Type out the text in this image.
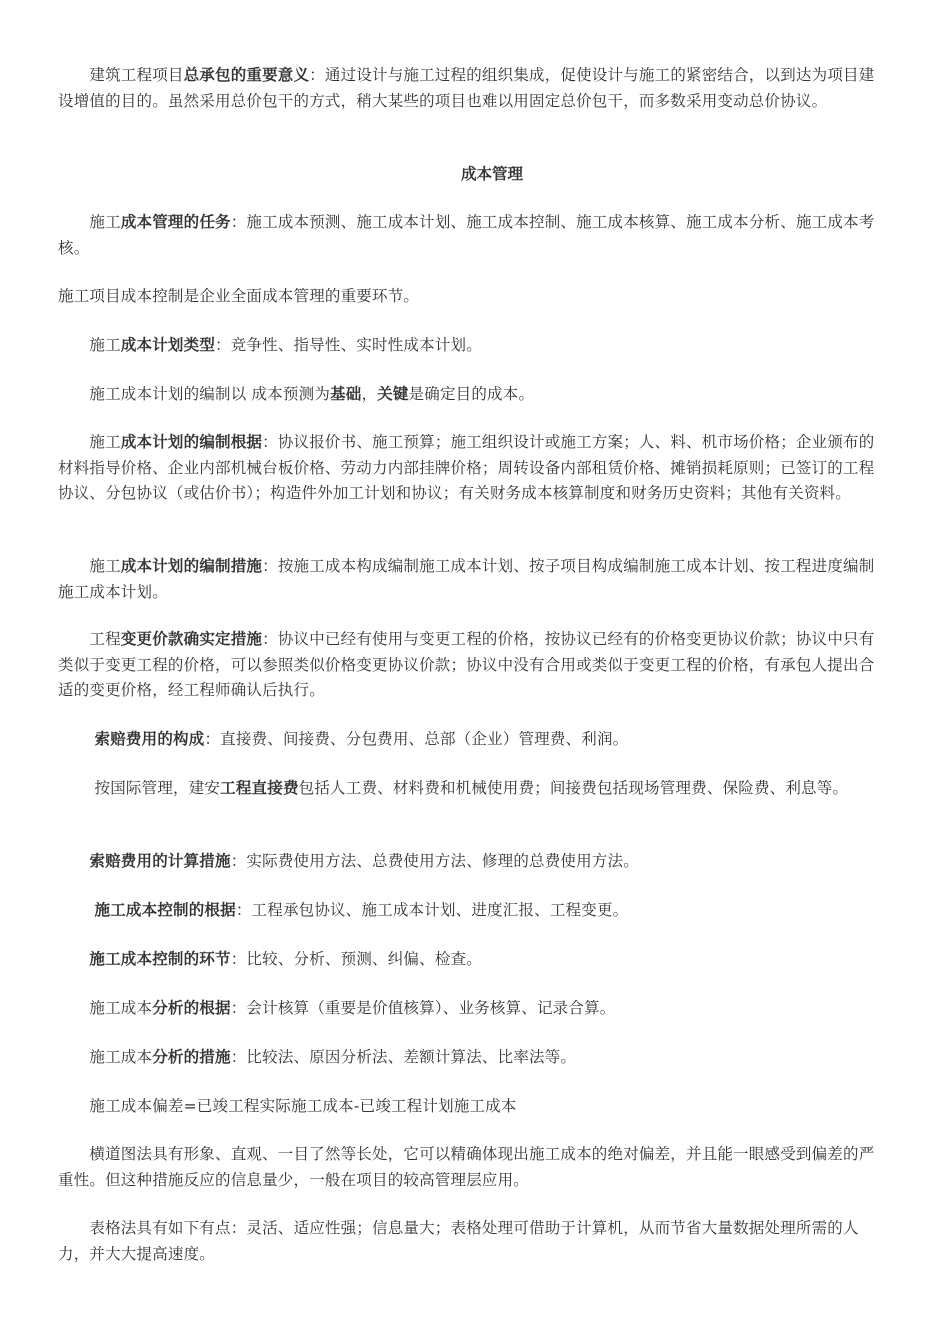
　　建筑工程项目总承包的重要意义：通过设计与施工过程的组织集成，促使设计与施工的紧密结合，以到达为项目建设增值的目的。虽然采用总价包干的方式，稍大某些的项目也难以用固定总价包干，而多数采用变动总价协议。

成本管理

　　施工成本管理的任务：施工成本预测、施工成本计划、施工成本控制、施工成本核算、施工成本分析、施工成本考核。

施工项目成本控制是企业全面成本管理的重要环节。

　　施工成本计划类型：竞争性、指导性、实时性成本计划。

　　施工成本计划的编制以 成本预测为基础，关键是确定目的成本。

　　施工成本计划的编制根据：协议报价书、施工预算；施工组织设计或施工方案；人、料、机市场价格；企业颁布的材料指导价格、企业内部机械台板价格、劳动力内部挂牌价格；周转设备内部租赁价格、摊销损耗原则；已签订的工程协议、分包协议（或估价书）；构造件外加工计划和协议；有关财务成本核算制度和财务历史资料；其他有关资料。

　　施工成本计划的编制措施：按施工成本构成编制施工成本计划、按子项目构成编制施工成本计划、按工程进度编制施工成本计划。

　　工程变更价款确实定措施：协议中已经有使用与变更工程的价格，按协议已经有的价格变更协议价款；协议中只有类似于变更工程的价格，可以参照类似价格变更协议价款；协议中没有合用或类似于变更工程的价格，有承包人提出合适的变更价格，经工程师确认后执行。

　　 索赔费用的构成：直接费、间接费、分包费用、总部（企业）管理费、利润。

　　 按国际管理，建安工程直接费包括人工费、材料费和机械使用费；间接费包括现场管理费、保险费、利息等。

　　索赔费用的计算措施：实际费使用方法、总费使用方法、修理的总费使用方法。

　　 施工成本控制的根据：工程承包协议、施工成本计划、进度汇报、工程变更。

　　施工成本控制的环节：比较、分析、预测、纠偏、检查。

　　施工成本分析的根据：会计核算（重要是价值核算）、业务核算、记录合算。

　　施工成本分析的措施：比较法、原因分析法、差额计算法、比率法等。

　　施工成本偏差=已竣工程实际施工成本-已竣工程计划施工成本

　　横道图法具有形象、直观、一目了然等长处，它可以精确体现出施工成本的绝对偏差，并且能一眼感受到偏差的严重性。但这种措施反应的信息量少，一般在项目的较高管理层应用。

　　表格法具有如下有点：灵活、适应性强；信息量大；表格处理可借助于计算机，从而节省大量数据处理所需的人力，并大大提高速度。
